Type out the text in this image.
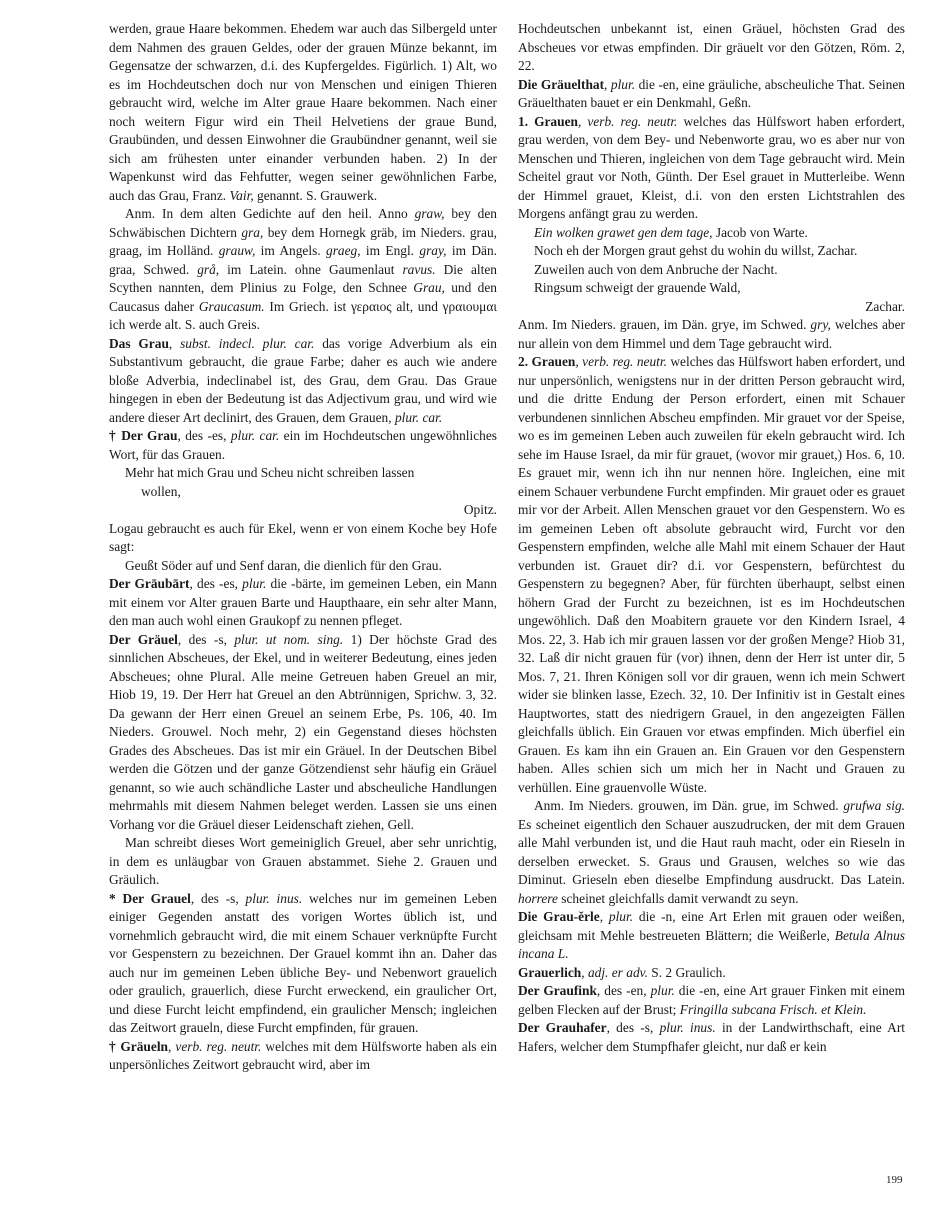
werden, graue Haare bekommen. Ehedem war auch das Silbergeld unter dem Nahmen des grauen Geldes, oder der grauen Münze bekannt, im Gegensatze der schwarzen, d.i. des Kupfergeldes. Figürlich. 1) Alt, wo es im Hochdeutschen doch nur von Menschen und einigen Thieren gebraucht wird, welche im Alter graue Haare bekommen. Nach einer noch weitern Figur wird ein Theil Helvetiens der graue Bund, Graubünden, und dessen Einwohner die Graubündner genannt, weil sie sich am frühesten unter einander verbunden haben. 2) In der Wapenkunst wird das Fehfutter, wegen seiner gewöhnlichen Farbe, auch das Grau, Franz. Vair, genannt. S. Grauwerk.

Anm. In dem alten Gedichte auf den heil. Anno graw, bey den Schwäbischen Dichtern gra, bey dem Hornegk gräb, im Nieders. grau, graag, im Holländ. grauw, im Angels. graeg, im Engl. gray, im Dän. graa, Schwed. grå, im Latein. ohne Gaumenlaut ravus. Die alten Scythen nannten, dem Plinius zu Folge, den Schnee Grau, und den Caucasus daher Graucasum. Im Griech. ist γεραιος alt, und γραιουμαι ich werde alt. S. auch Greis.

Das Grau, subst. indecl. plur. car. das vorige Adverbium als ein Substantivum gebraucht, die graue Farbe; daher es auch wie andere bloße Adverbia, indeclinabel ist, des Grau, dem Grau. Das Graue hingegen in eben der Bedeutung ist das Adjectivum grau, und wird wie andere dieser Art declinirt, des Grauen, dem Grauen, plur. car.

† Der Grau, des -es, plur. car. ein im Hochdeutschen ungewöhnliches Wort, für das Grauen.

Mehr hat mich Grau und Scheu nicht schreiben lassen

wollen,

Opitz.

Logau gebraucht es auch für Ekel, wenn er von einem Koche bey Hofe sagt:

Geußt Söder auf und Senf daran, die dienlich für den Grau.

Der Grāubārt, des -es, plur. die -bärte, im gemeinen Leben, ein Mann mit einem vor Alter grauen Barte und Haupthaare, ein sehr alter Mann, den man auch wohl einen Graukopf zu nennen pfleget.

Der Gräuel, des -s, plur. ut nom. sing. 1) Der höchste Grad des sinnlichen Abscheues, der Ekel, und in weiterer Bedeutung, eines jeden Abscheues; ohne Plural. Alle meine Getreuen haben Greuel an mir, Hiob 19, 19. Der Herr hat Greuel an den Abtrünnigen, Sprichw. 3, 32. Da gewann der Herr einen Greuel an seinem Erbe, Ps. 106, 40. Im Nieders. Grouwel. Noch mehr, 2) ein Gegenstand dieses höchsten Grades des Abscheues. Das ist mir ein Gräuel. In der Deutschen Bibel werden die Götzen und der ganze Götzendienst sehr häufig ein Gräuel genannt, so wie auch schändliche Laster und abscheuliche Handlungen mehrmahls mit diesem Nahmen beleget werden. Lassen sie uns einen Vorhang vor die Gräuel dieser Leidenschaft ziehen, Gell.

Man schreibt dieses Wort gemeiniglich Greuel, aber sehr unrichtig, in dem es unläugbar von Grauen abstammet. Siehe 2. Grauen und Gräulich.

* Der Grauel, des -s, plur. inus. welches nur im gemeinen Leben einiger Gegenden anstatt des vorigen Wortes üblich ist, und vornehmlich gebraucht wird, die mit einem Schauer verknüpfte Furcht vor Gespenstern zu bezeichnen. Der Grauel kommt ihn an. Daher das auch nur im gemeinen Leben übliche Bey- und Nebenwort grauelich oder graulich, grauerlich, diese Furcht erweckend, ein graulicher Ort, und diese Furcht leicht empfindend, ein graulicher Mensch; ingleichen das Zeitwort graueln, diese Furcht empfinden, für grauen.

† Gräueln, verb. reg. neutr. welches mit dem Hülfsworte haben als ein unpersönliches Zeitwort gebraucht wird, aber im

Hochdeutschen unbekannt ist, einen Gräuel, höchsten Grad des Abscheues vor etwas empfinden. Dir gräuelt vor den Götzen, Röm. 2, 22.

Die Gräuelthat, plur. die -en, eine gräuliche, abscheuliche That. Seinen Gräuelthaten bauet er ein Denkmahl, Geßn.

1. Grauen, verb. reg. neutr. welches das Hülfswort haben erfordert, grau werden, von dem Bey- und Nebenworte grau, wo es aber nur von Menschen und Thieren, ingleichen von dem Tage gebraucht wird. Mein Scheitel graut vor Noth, Günth. Der Esel grauet in Mutterleibe. Wenn der Himmel grauet, Kleist, d.i. von den ersten Lichtstrahlen des Morgens anfängt grau zu werden.

Ein wolken grawet gen dem tage, Jacob von Warte.

Noch eh der Morgen graut gehst du wohin du willst, Zachar.

Zuweilen auch von dem Anbruche der Nacht.

Ringsum schweigt der grauende Wald,

Zachar.

Anm. Im Nieders. grauen, im Dän. grye, im Schwed. gry, welches aber nur allein von dem Himmel und dem Tage gebraucht wird.

2. Grauen, verb. reg. neutr. welches das Hülfswort haben erfordert, und nur unpersönlich, wenigstens nur in der dritten Person gebraucht wird, und die dritte Endung der Person erfordert, einen mit Schauer verbundenen sinnlichen Abscheu empfinden. Mir grauet vor der Speise, wo es im gemeinen Leben auch zuweilen für ekeln gebraucht wird. Ich sehe im Hause Israel, da mir für grauet, (wovor mir grauet,) Hos. 6, 10. Es grauet mir, wenn ich ihn nur nennen höre. Ingleichen, eine mit einem Schauer verbundene Furcht empfinden. Mir grauet oder es grauet mir vor der Arbeit. Allen Menschen grauet vor den Gespenstern. Wo es im gemeinen Leben oft absolute gebraucht wird, Furcht vor den Gespenstern empfinden, welche alle Mahl mit einem Schauer der Haut verbunden ist. Grauet dir? d.i. vor Gespenstern, befürchtest du Gespenstern zu begegnen? Aber, für fürchten überhaupt, selbst einen höhern Grad der Furcht zu bezeichnen, ist es im Hochdeutschen ungewöhlich. Daß den Moabitern grauete vor den Kindern Israel, 4 Mos. 22, 3. Hab ich mir grauen lassen vor der großen Menge? Hiob 31, 32. Laß dir nicht grauen für (vor) ihnen, denn der Herr ist unter dir, 5 Mos. 7, 21. Ihren Königen soll vor dir grauen, wenn ich mein Schwert wider sie blinken lasse, Ezech. 32, 10. Der Infinitiv ist in Gestalt eines Hauptwortes, statt des niedrigern Grauel, in den angezeigten Fällen gleichfalls üblich. Ein Grauen vor etwas empfinden. Mich überfiel ein Grauen. Es kam ihn ein Grauen an. Ein Grauen vor den Gespenstern haben. Alles schien sich um mich her in Nacht und Grauen zu verhüllen. Eine grauenvolle Wüste.

Anm. Im Nieders. grouwen, im Dän. grue, im Schwed. grufwa sig. Es scheinet eigentlich den Schauer auszudrucken, der mit dem Grauen alle Mahl verbunden ist, und die Haut rauh macht, oder ein Rieseln in derselben erwecket. S. Graus und Grausen, welches so wie das Diminut. Grieseln eben dieselbe Empfindung ausdruckt. Das Latein. horrere scheinet gleichfalls damit verwandt zu seyn.

Die Grau-ěrle, plur. die -n, eine Art Erlen mit grauen oder weißen, gleichsam mit Mehle bestreueten Blättern; die Weißerle, Betula Alnus incana L.

Grauerlich, adj. er adv. S. 2 Graulich.

Der Graufink, des -en, plur. die -en, eine Art grauer Finken mit einem gelben Flecken auf der Brust; Fringilla subcana Frisch. et Klein.

Der Grauhafer, des -s, plur. inus. in der Landwirthschaft, eine Art Hafers, welcher dem Stumpfhafer gleicht, nur daß er kein

199
